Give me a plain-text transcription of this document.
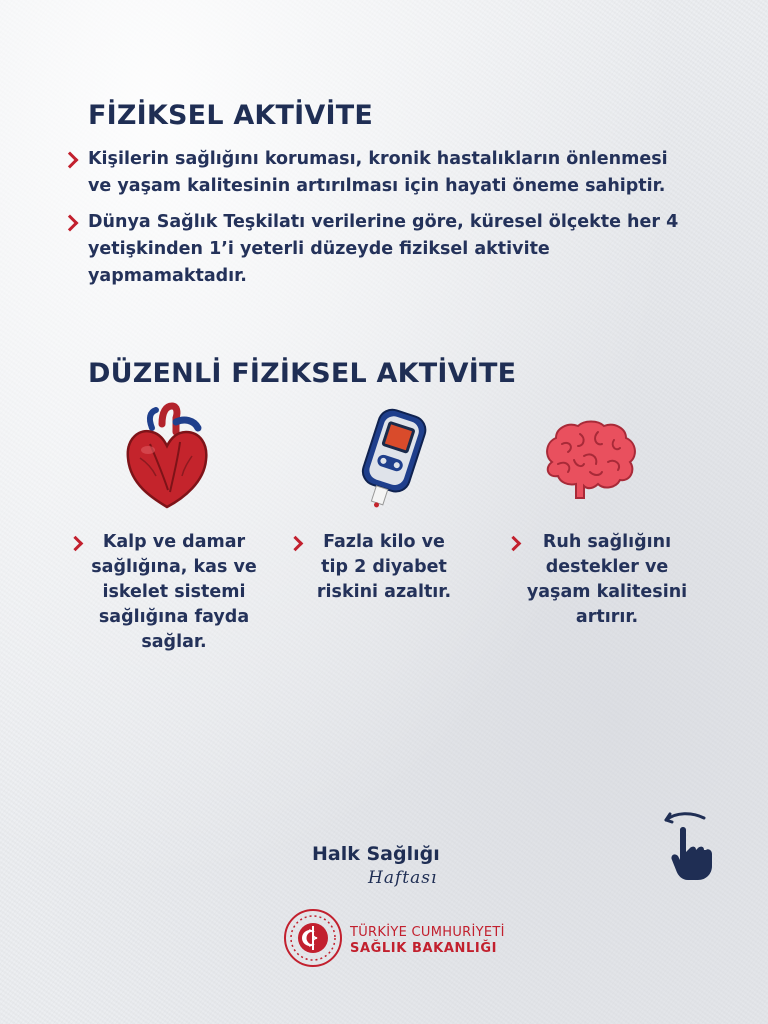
FİZİKSEL AKTİVİTE
Kişilerin sağlığını koruması, kronik hastalıkların önlenmesi ve yaşam kalitesinin artırılması için hayati öneme sahiptir.
Dünya Sağlık Teşkilatı verilerine göre, küresel ölçekte her 4 yetişkinden 1’i yeterli düzeyde fiziksel aktivite yapmamaktadır.
DÜZENLİ FİZİKSEL AKTİVİTE
Kalp ve damar sağlığına, kas ve iskelet sistemi sağlığına fayda sağlar.
Fazla kilo ve tip 2 diyabet riskini azaltır.
Ruh sağlığını destekler ve yaşam kalitesini artırır.
Halk Sağlığı
Haftası
TÜRKİYE CUMHURİYETİ
SAĞLIK BAKANLIĞI
